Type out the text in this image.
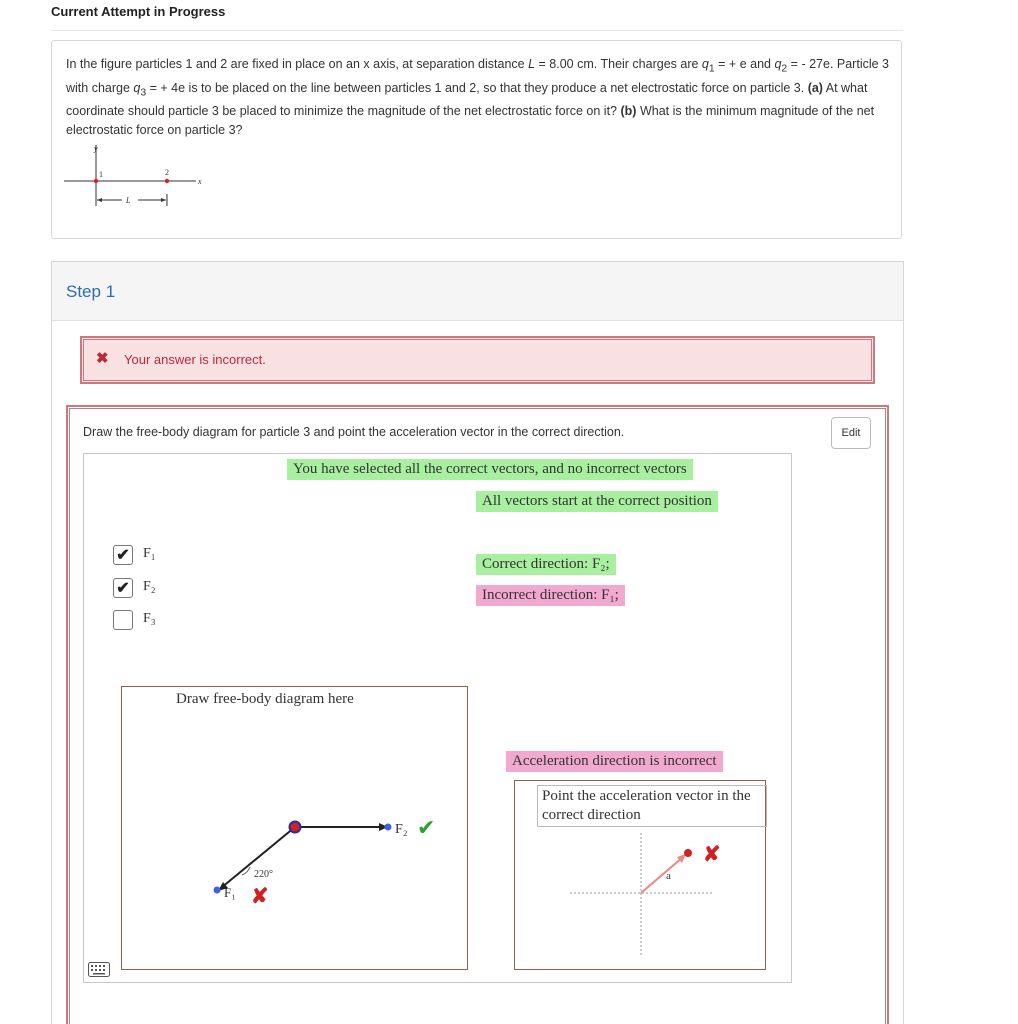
Current Attempt in Progress
In the figure particles 1 and 2 are fixed in place on an x axis, at separation distance L = 8.00 cm. Their charges are $q_1$ = + e and $q_2$ = - 27e. Particle 3 with charge $q_3$ = + 4e is to be placed on the line between particles 1 and 2, so that they produce a net electrostatic force on particle 3. (a) At what coordinate should particle 3 be placed to minimize the magnitude of the net electrostatic force on it? (b) What is the minimum magnitude of the net electrostatic force on particle 3?
y
x
1	2
L
Step 1
✖ Your answer is incorrect.
Draw the free-body diagram for particle 3 and point the acceleration vector in the correct direction.	Edit
You have selected all the correct vectors, and no incorrect vectors
All vectors start at the correct position
Correct direction: F₂;
Incorrect direction: F₁;
✔ F₁
✔ F₂
F₃
Draw free-body diagram here
F₂ ✔
F₁
220°
✘
Acceleration direction is incorrect
Point the acceleration vector in the correct direction
a
✘
